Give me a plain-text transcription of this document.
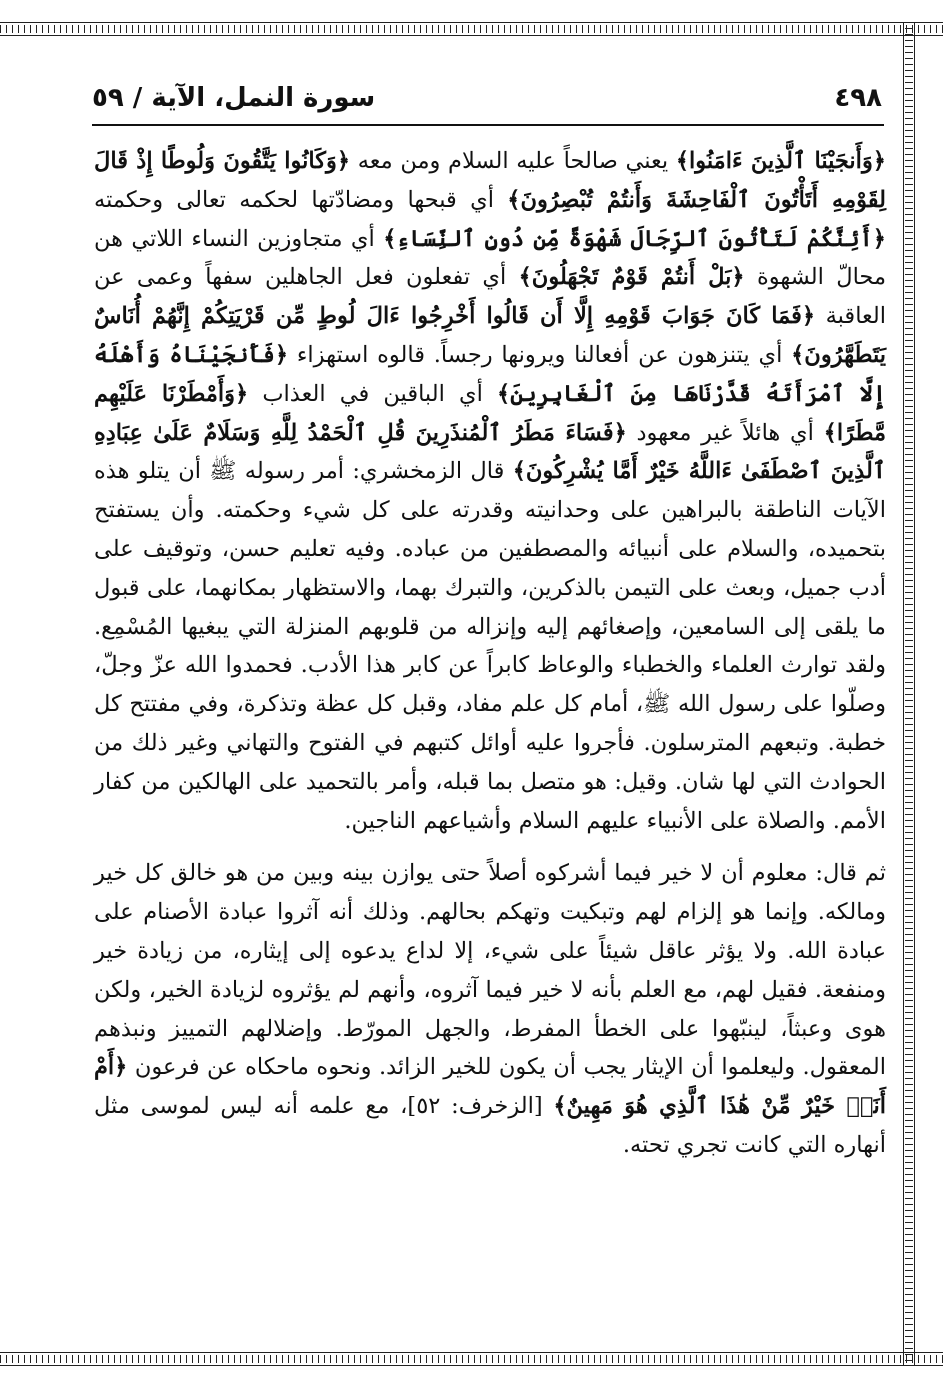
٤٩٨
سورة النمل، الآية / ٥٩

﴿وَأَنجَيْنَا ٱلَّذِينَ ءَامَنُوا﴾ يعني صالحاً عليه السلام ومن معه ﴿وَكَانُوا يَتَّقُونَ وَلُوطًا إِذْ قَالَ لِقَوْمِهِ أَتَأْتُونَ ٱلْفَاحِشَةَ وَأَنتُمْ تُبْصِرُونَ﴾ أي قبحها ومضادّتها لحكمه تعالى وحكمته ﴿أَئِنَّكُمْ لَتَأْتُونَ ٱلرِّجَالَ شَهْوَةً مِّن دُونِ ٱلنِّسَاءِ﴾ أي متجاوزين النساء اللاتي هن محالّ الشهوة ﴿بَلْ أَنتُمْ قَوْمٌ تَجْهَلُونَ﴾ أي تفعلون فعل الجاهلين سفهاً وعمى عن العاقبة ﴿فَمَا كَانَ جَوَابَ قَوْمِهِ إِلَّا أَن قَالُوا أَخْرِجُوا ءَالَ لُوطٍ مِّن قَرْيَتِكُمْ إِنَّهُمْ أُنَاسٌ يَتَطَهَّرُونَ﴾ أي يتنزهون عن أفعالنا ويرونها رجساً. قالوه استهزاء ﴿فَأَنجَيْنَاهُ وَأَهْلَهُ إِلَّا ٱمْرَأَتَهُ قَدَّرْنَاهَا مِنَ ٱلْغَابِرِينَ﴾ أي الباقين في العذاب ﴿وَأَمْطَرْنَا عَلَيْهِم مَّطَرًا﴾ أي هائلاً غير معهود ﴿فَسَاءَ مَطَرُ ٱلْمُنذَرِينَ قُلِ ٱلْحَمْدُ لِلَّهِ وَسَلَامٌ عَلَىٰ عِبَادِهِ ٱلَّذِينَ ٱصْطَفَىٰ ءَاللَّهُ خَيْرٌ أَمَّا يُشْرِكُونَ﴾ قال الزمخشري: أمر رسوله ﷺ أن يتلو هذه الآيات الناطقة بالبراهين على وحدانيته وقدرته على كل شيء وحكمته. وأن يستفتح بتحميده، والسلام على أنبيائه والمصطفين من عباده. وفيه تعليم حسن، وتوقيف على أدب جميل، وبعث على التيمن بالذكرين، والتبرك بهما، والاستظهار بمكانهما، على قبول ما يلقى إلى السامعين، وإصغائهم إليه وإنزاله من قلوبهم المنزلة التي يبغيها المُسْمِع. ولقد توارث العلماء والخطباء والوعاظ كابراً عن كابر هذا الأدب. فحمدوا الله عزّ وجلّ، وصلّوا على رسول الله ﷺ، أمام كل علم مفاد، وقبل كل عظة وتذكرة، وفي مفتتح كل خطبة. وتبعهم المترسلون. فأجروا عليه أوائل كتبهم في الفتوح والتهاني وغير ذلك من الحوادث التي لها شان. وقيل: هو متصل بما قبله، وأمر بالتحميد على الهالكين من كفار الأمم. والصلاة على الأنبياء عليهم السلام وأشياعهم الناجين.

ثم قال: معلوم أن لا خير فيما أشركوه أصلاً حتى يوازن بينه وبين من هو خالق كل خير ومالكه. وإنما هو إلزام لهم وتبكيت وتهكم بحالهم. وذلك أنه آثروا عبادة الأصنام على عبادة الله. ولا يؤثر عاقل شيئاً على شيء، إلا لداع يدعوه إلى إيثاره، من زيادة خير ومنفعة. فقيل لهم، مع العلم بأنه لا خير فيما آثروه، وأنهم لم يؤثروه لزيادة الخير، ولكن هوى وعبثاً، لينبّهوا على الخطأ المفرط، والجهل المورّط. وإضلالهم التمييز ونبذهم المعقول. وليعلموا أن الإيثار يجب أن يكون للخير الزائد. ونحوه ماحكاه عن فرعون ﴿أَمْ أَنَا۠ خَيْرٌ مِّنْ هَٰذَا ٱلَّذِي هُوَ مَهِينٌ﴾ [الزخرف: ٥٢]، مع علمه أنه ليس لموسى مثل أنهاره التي كانت تجري تحته.
